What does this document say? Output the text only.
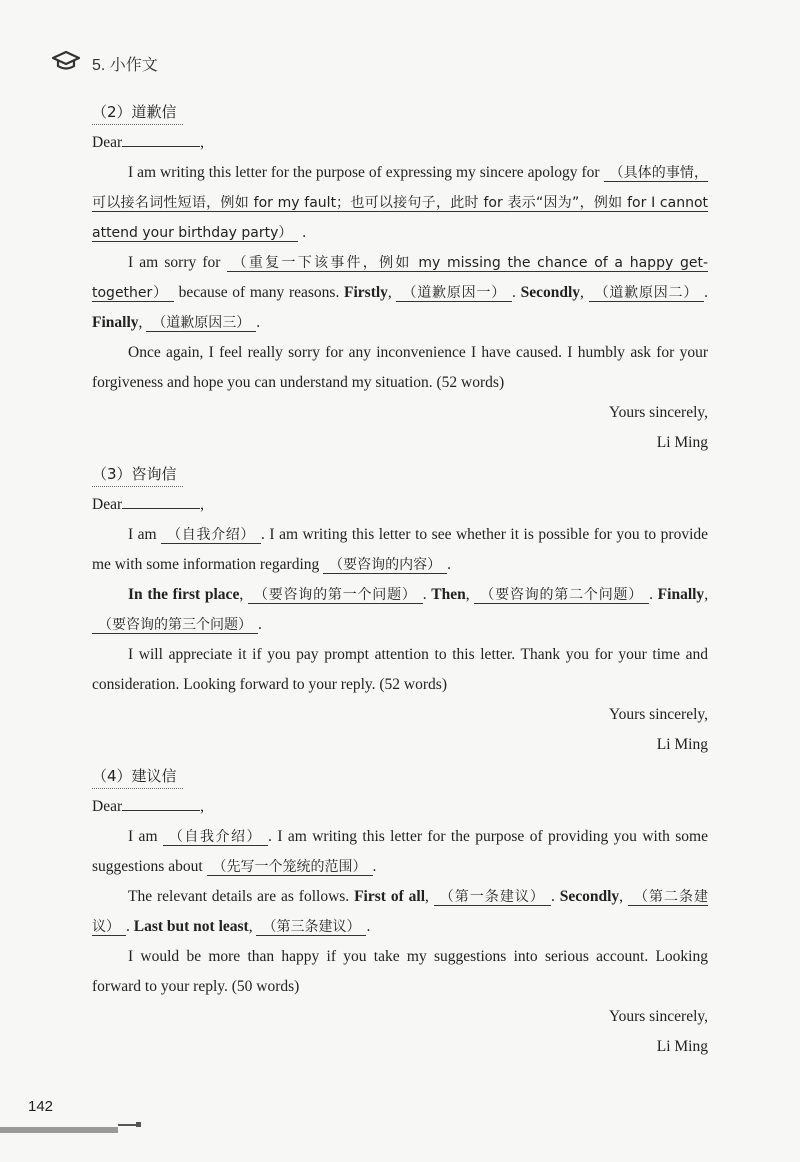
5. 小作文
（2）道歉信

Dear	,

I am writing this letter for the purpose of expressing my sincere apology for （具体的事情，可以接名词性短语，例如 for my fault；也可以接句子，此时 for 表示“因为”，例如 for I cannot attend your birthday party） .

I am sorry for （重复一下该事件，例如 my missing the chance of a happy get-together） because of many reasons. Firstly, （道歉原因一） . Secondly, （道歉原因二） . Finally, （道歉原因三） .

Once again, I feel really sorry for any inconvenience I have caused. I humbly ask for your forgiveness and hope you can understand my situation. (52 words)

Yours sincerely,

Li Ming

（3）咨询信

Dear	,

I am （自我介绍） . I am writing this letter to see whether it is possible for you to provide me with some information regarding （要咨询的内容） .

In the first place, （要咨询的第一个问题） . Then, （要咨询的第二个问题） . Finally, （要咨询的第三个问题） .

I will appreciate it if you pay prompt attention to this letter. Thank you for your time and consideration. Looking forward to your reply. (52 words)

Yours sincerely,

Li Ming

（4）建议信

Dear	,

I am （自我介绍） . I am writing this letter for the purpose of providing you with some suggestions about （先写一个笼统的范围） .

The relevant details are as follows. First of all, （第一条建议） . Secondly, （第二条建议） . Last but not least, （第三条建议） .

I would be more than happy if you take my suggestions into serious account. Looking forward to your reply. (50 words)

Yours sincerely,

Li Ming

142
